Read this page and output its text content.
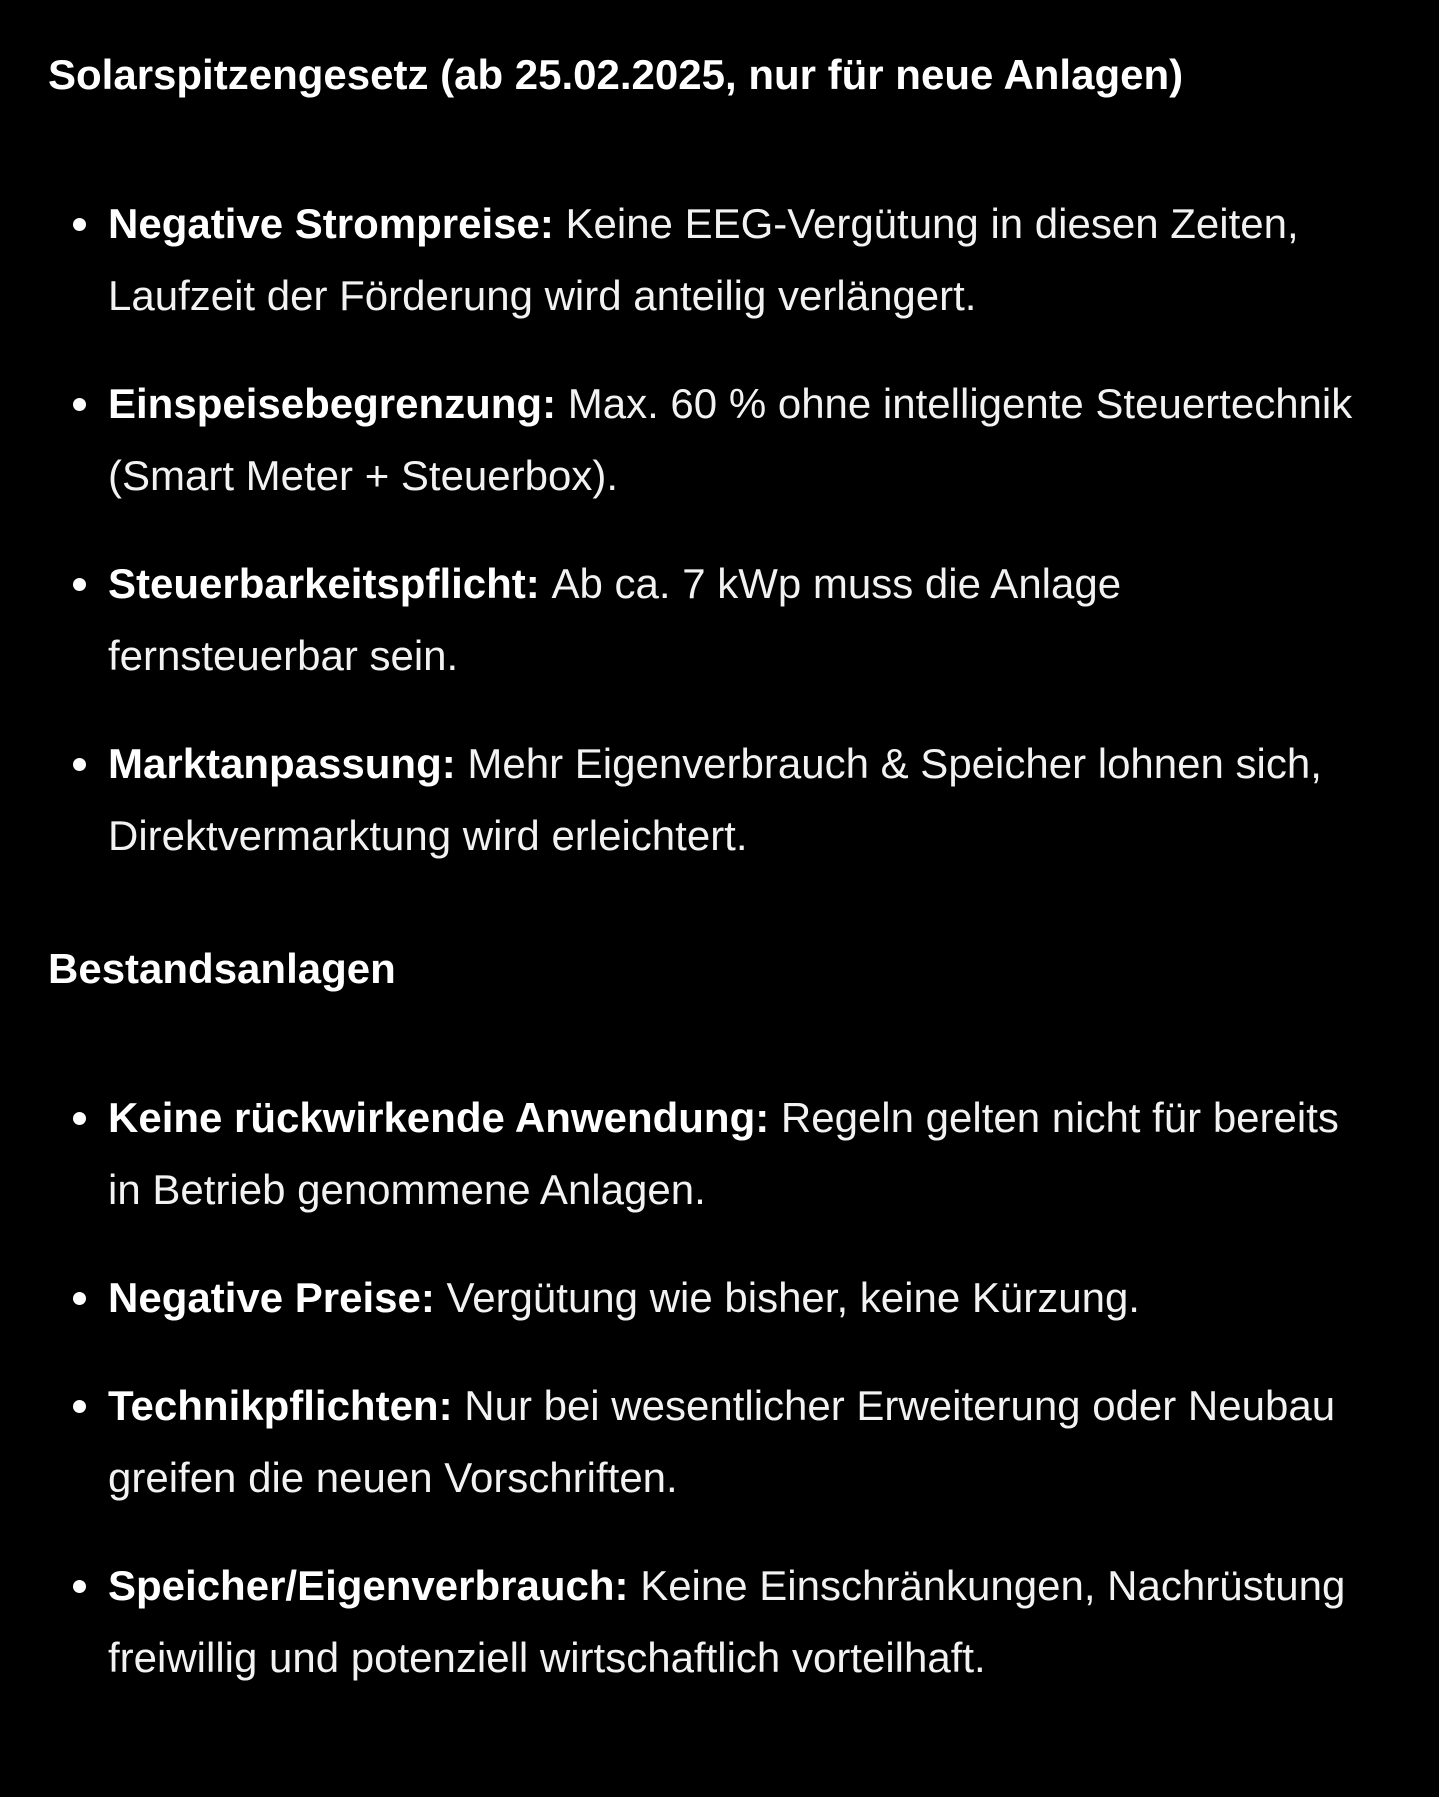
Solarspitzengesetz (ab 25.02.2025, nur für neue Anlagen)
Negative Strompreise: Keine EEG-Vergütung in diesen Zeiten, Laufzeit der Förderung wird anteilig verlängert.
Einspeisebegrenzung: Max. 60 % ohne intelligente Steuertechnik (Smart Meter + Steuerbox).
Steuerbarkeitspflicht: Ab ca. 7 kWp muss die Anlage fernsteuerbar sein.
Marktanpassung: Mehr Eigenverbrauch & Speicher lohnen sich, Direktvermarktung wird erleichtert.
Bestandsanlagen
Keine rückwirkende Anwendung: Regeln gelten nicht für bereits in Betrieb genommene Anlagen.
Negative Preise: Vergütung wie bisher, keine Kürzung.
Technikpflichten: Nur bei wesentlicher Erweiterung oder Neubau greifen die neuen Vorschriften.
Speicher/Eigenverbrauch: Keine Einschränkungen, Nachrüstung freiwillig und potenziell wirtschaftlich vorteilhaft.
